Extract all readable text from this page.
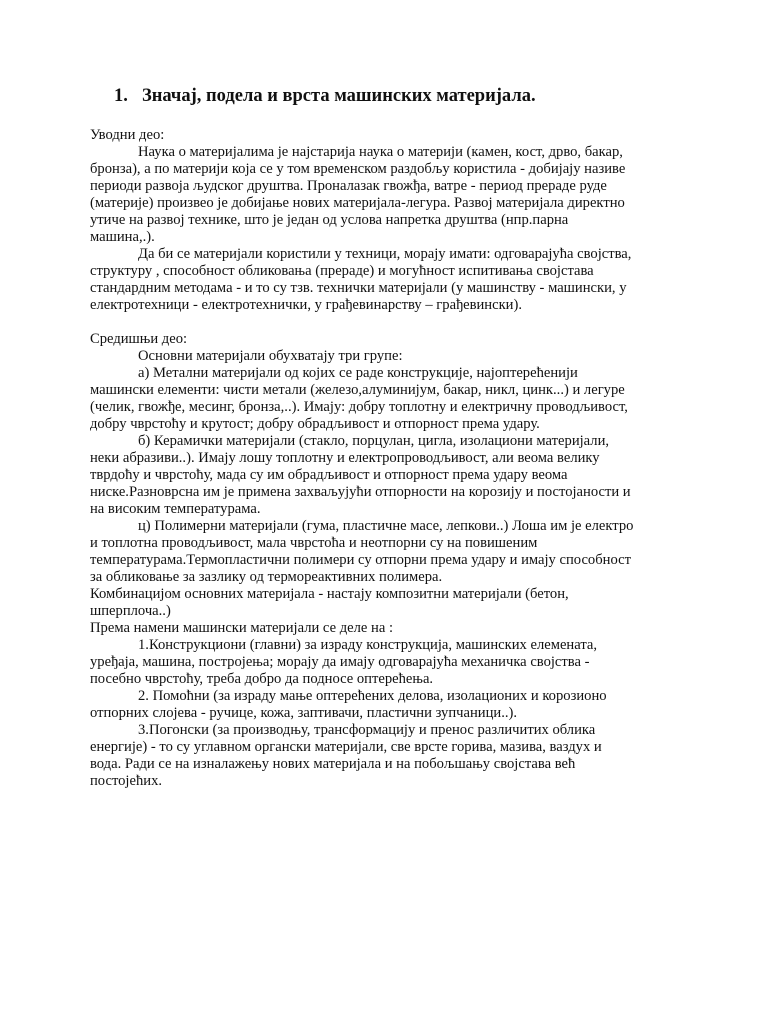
1. Значај, подела и врста машинских материјала.
Уводни део:
Наука о материјалима је најстарија наука о материји (камен, кост, дрво, бакар,
бронза), а по материји која се у том временском раздобљу користила - добијају називе
периоди развоја људског друштва. Проналазак гвожђа, ватре - период прераде руде
(материје) произвео је добијање нових материјала-легура. Развој материјала директно
утиче на развој технике, што је један од услова напретка друштва (нпр.парна
машина,.).
Да би се материјали користили у техници, морају имати: одговарајућа својства,
структуру , способност обликовања (прераде) и могућност испитивања својстава
стандардним методама - и то су тзв. технички материјали (у машинству - машински, у
електротехници - електротехнички, у грађевинарству – грађевински).
Средишњи део:
Основни материјали обухватају три групе:
а) Метални материјали од којих се раде конструкције, најоптерећенији
машински елементи: чисти метали (железо,алуминијум, бакар, никл, цинк...) и легуре
(челик, гвожђе, месинг, бронза,..). Имају: добру топлотну и електричну проводљивост,
добру чврстоћу и крутост; добру обрадљивост и отпорност према удару.
б) Керамички материјали (стакло, порцулан, цигла, изолациони материјали,
неки абразиви..). Имају лошу топлотну и електропроводљивост, али веома велику
тврдоћу и чврстоћу, мада су им обрадљивост и отпорност према удару веома
ниске.Разноврсна им је примена захваљујући отпорности на корозију и постојаности и
на високим температурама.
ц) Полимерни материјали (гума, пластичне масе, лепкови..) Лоша им је електро
и топлотна проводљивост, мала чврстоћа и неотпорни су на повишеним
температурама.Термопластични полимери су отпорни према удару и имају способност
за обликовање за зазлику од термореактивних полимера.
Комбинацијом основних материјала - настају композитни материјали (бетон,
шперплоча..)
Према намени машински материјали се деле на :
1.Конструкциони (главни) за израду конструкција, машинских елемената,
уређаја, машина, постројења; морају да имају одговарајућа механичка својства -
посебно чврстоћу, треба добро да подносе оптерећења.
2. Помоћни (за израду мање оптерећених делова, изолационих и корозионо
отпорних слојева - ручице, кожа, заптивачи, пластични зупчаници..).
3.Погонски (за производњу, трансформацију и пренос различитих облика
енергије) - то су углавном органски материјали, све врсте горива, мазива, ваздух и
вода. Ради се на изналажењу нових материјала и на побољшању својстава већ
постојећих.
